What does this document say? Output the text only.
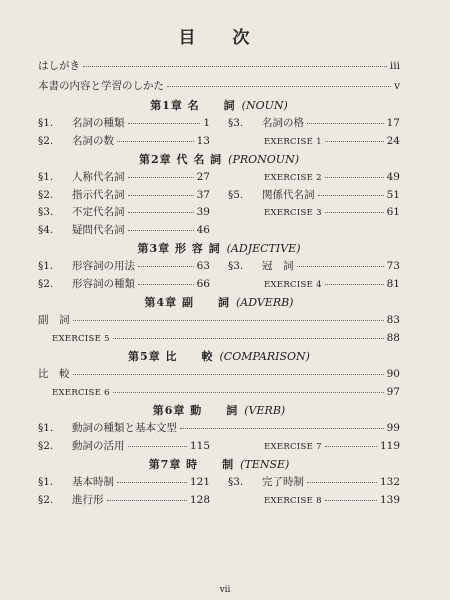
目　次
はしがき	iii
本書の内容と学習のしかた	v
第1章 名　　詞 (NOUN)
§1.	名詞の種類	1 §3.	名詞の格	17
§2.	名詞の数	13	EXERCISE 1	24
第2章 代 名 詞 (PRONOUN)
§1.	人称代名詞	27	EXERCISE 2	49
§2.	指示代名詞	37 §5.	関係代名詞	51
§3.	不定代名詞	39	EXERCISE 3	61
§4.	疑問代名詞	46
第3章 形 容 詞 (ADJECTIVE)
§1.	形容詞の用法	63 §3.	冠　詞	73
§2.	形容詞の種類	66	EXERCISE 4	81
第4章 副　　詞 (ADVERB)
副　詞	83
EXERCISE 5	88
第5章 比　　較 (COMPARISON)
比　較	90
EXERCISE 6	97
第6章 動　　詞 (VERB)
§1.	動詞の種類と基本文型	99
§2.	動詞の活用	115	EXERCISE 7	119
第7章 時　　制 (TENSE)
§1.	基本時制	121 §3.	完了時制	132
§2.	進行形	128	EXERCISE 8	139
vii
